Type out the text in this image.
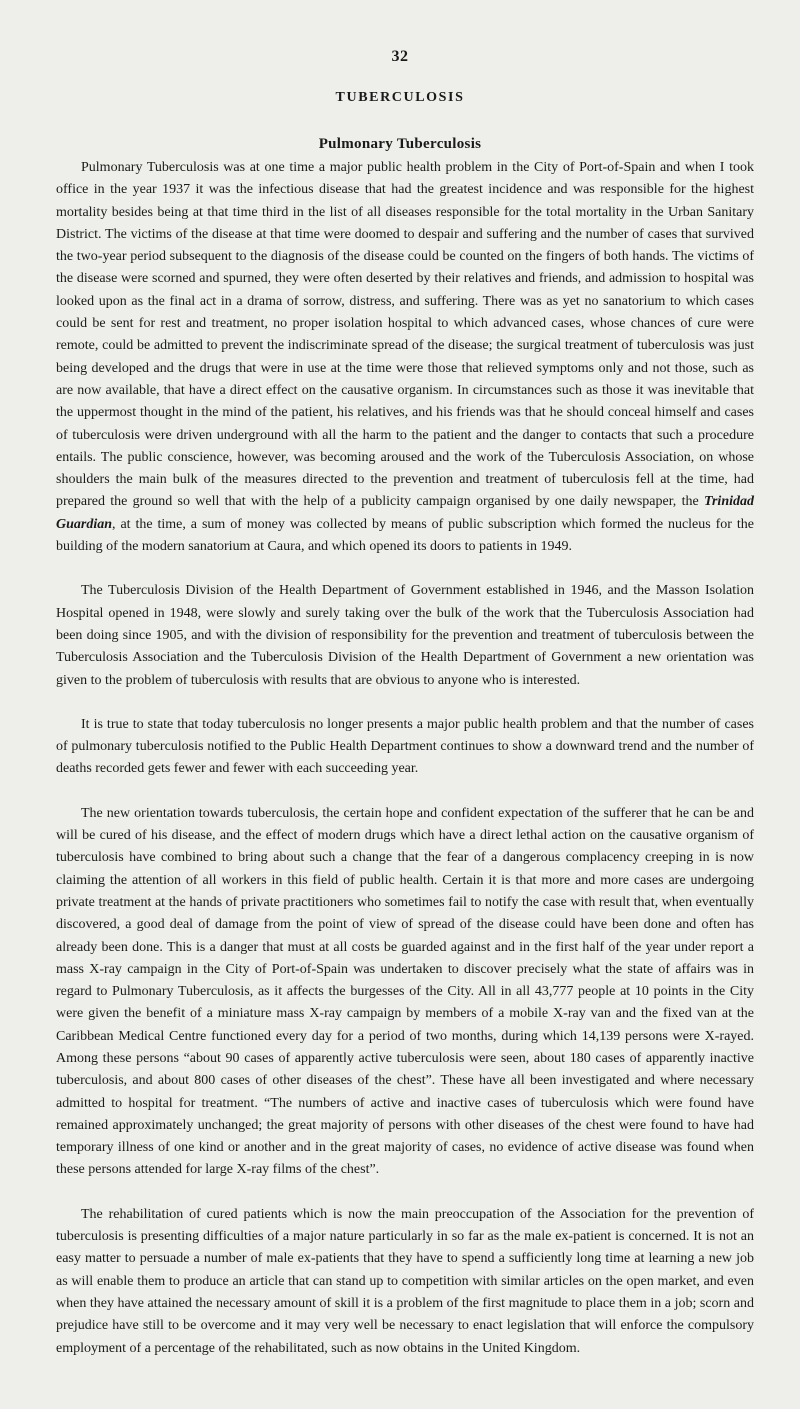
32
TUBERCULOSIS
Pulmonary Tuberculosis

Pulmonary Tuberculosis was at one time a major public health problem in the City of Port-of-Spain and when I took office in the year 1937 it was the infectious disease that had the greatest incidence and was responsible for the highest mortality besides being at that time third in the list of all diseases responsible for the total mortality in the Urban Sanitary District. The victims of the disease at that time were doomed to despair and suffering and the number of cases that survived the two-year period subsequent to the diagnosis of the disease could be counted on the fingers of both hands. The victims of the disease were scorned and spurned, they were often deserted by their relatives and friends, and admission to hospital was looked upon as the final act in a drama of sorrow, distress, and suffering. There was as yet no sanatorium to which cases could be sent for rest and treatment, no proper isolation hospital to which advanced cases, whose chances of cure were remote, could be admitted to prevent the indiscriminate spread of the disease; the surgical treatment of tuberculosis was just being developed and the drugs that were in use at the time were those that relieved symptoms only and not those, such as are now available, that have a direct effect on the causative organism. In circumstances such as those it was inevitable that the uppermost thought in the mind of the patient, his relatives, and his friends was that he should conceal himself and cases of tuberculosis were driven underground with all the harm to the patient and the danger to contacts that such a procedure entails. The public conscience, however, was becoming aroused and the work of the Tuberculosis Association, on whose shoulders the main bulk of the measures directed to the prevention and treatment of tuberculosis fell at the time, had prepared the ground so well that with the help of a publicity campaign organised by one daily newspaper, the Trinidad Guardian, at the time, a sum of money was collected by means of public subscription which formed the nucleus for the building of the modern sanatorium at Caura, and which opened its doors to patients in 1949.

The Tuberculosis Division of the Health Department of Government established in 1946, and the Masson Isolation Hospital opened in 1948, were slowly and surely taking over the bulk of the work that the Tuberculosis Association had been doing since 1905, and with the division of responsibility for the prevention and treatment of tuberculosis between the Tuberculosis Association and the Tuberculosis Division of the Health Department of Government a new orientation was given to the problem of tuberculosis with results that are obvious to anyone who is interested.

It is true to state that today tuberculosis no longer presents a major public health problem and that the number of cases of pulmonary tuberculosis notified to the Public Health Department continues to show a downward trend and the number of deaths recorded gets fewer and fewer with each succeeding year.

The new orientation towards tuberculosis, the certain hope and confident expectation of the sufferer that he can be and will be cured of his disease, and the effect of modern drugs which have a direct lethal action on the causative organism of tuberculosis have combined to bring about such a change that the fear of a dangerous complacency creeping in is now claiming the attention of all workers in this field of public health. Certain it is that more and more cases are undergoing private treatment at the hands of private practitioners who sometimes fail to notify the case with result that, when eventually discovered, a good deal of damage from the point of view of spread of the disease could have been done and often has already been done. This is a danger that must at all costs be guarded against and in the first half of the year under report a mass X-ray campaign in the City of Port-of-Spain was undertaken to discover precisely what the state of affairs was in regard to Pulmonary Tuberculosis, as it affects the burgesses of the City. All in all 43,777 people at 10 points in the City were given the benefit of a miniature mass X-ray campaign by members of a mobile X-ray van and the fixed van at the Caribbean Medical Centre functioned every day for a period of two months, during which 14,139 persons were X-rayed. Among these persons “about 90 cases of apparently active tuberculosis were seen, about 180 cases of apparently inactive tuberculosis, and about 800 cases of other diseases of the chest”. These have all been investigated and where necessary admitted to hospital for treatment. “The numbers of active and inactive cases of tuberculosis which were found have remained approximately unchanged; the great majority of persons with other diseases of the chest were found to have had temporary illness of one kind or another and in the great majority of cases, no evidence of active disease was found when these persons attended for large X-ray films of the chest”.

The rehabilitation of cured patients which is now the main preoccupation of the Association for the prevention of tuberculosis is presenting difficulties of a major nature particularly in so far as the male ex-patient is concerned. It is not an easy matter to persuade a number of male ex-patients that they have to spend a sufficiently long time at learning a new job as will enable them to produce an article that can stand up to competition with similar articles on the open market, and even when they have attained the necessary amount of skill it is a problem of the first magnitude to place them in a job; scorn and prejudice have still to be overcome and it may very well be necessary to enact legislation that will enforce the compulsory employment of a percentage of the rehabilitated, such as now obtains in the United Kingdom.
